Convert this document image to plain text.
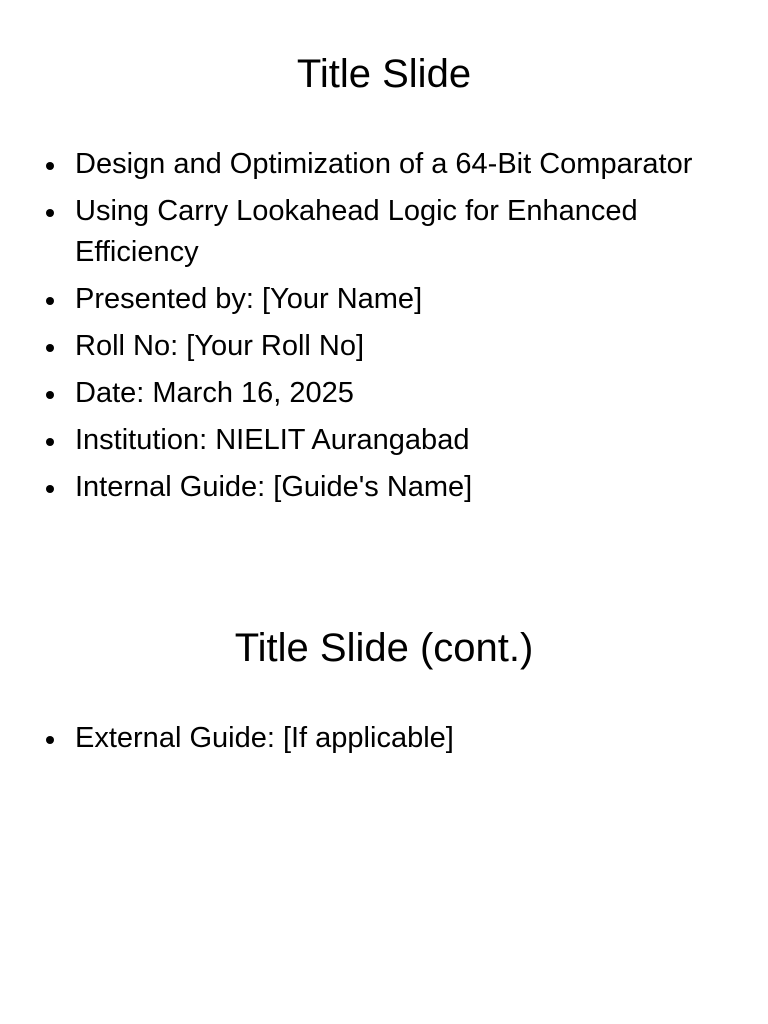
Title Slide
Design and Optimization of a 64-Bit Comparator
Using Carry Lookahead Logic for Enhanced Efficiency
Presented by: [Your Name]
Roll No: [Your Roll No]
Date: March 16, 2025
Institution: NIELIT Aurangabad
Internal Guide: [Guide's Name]
Title Slide (cont.)
External Guide: [If applicable]
